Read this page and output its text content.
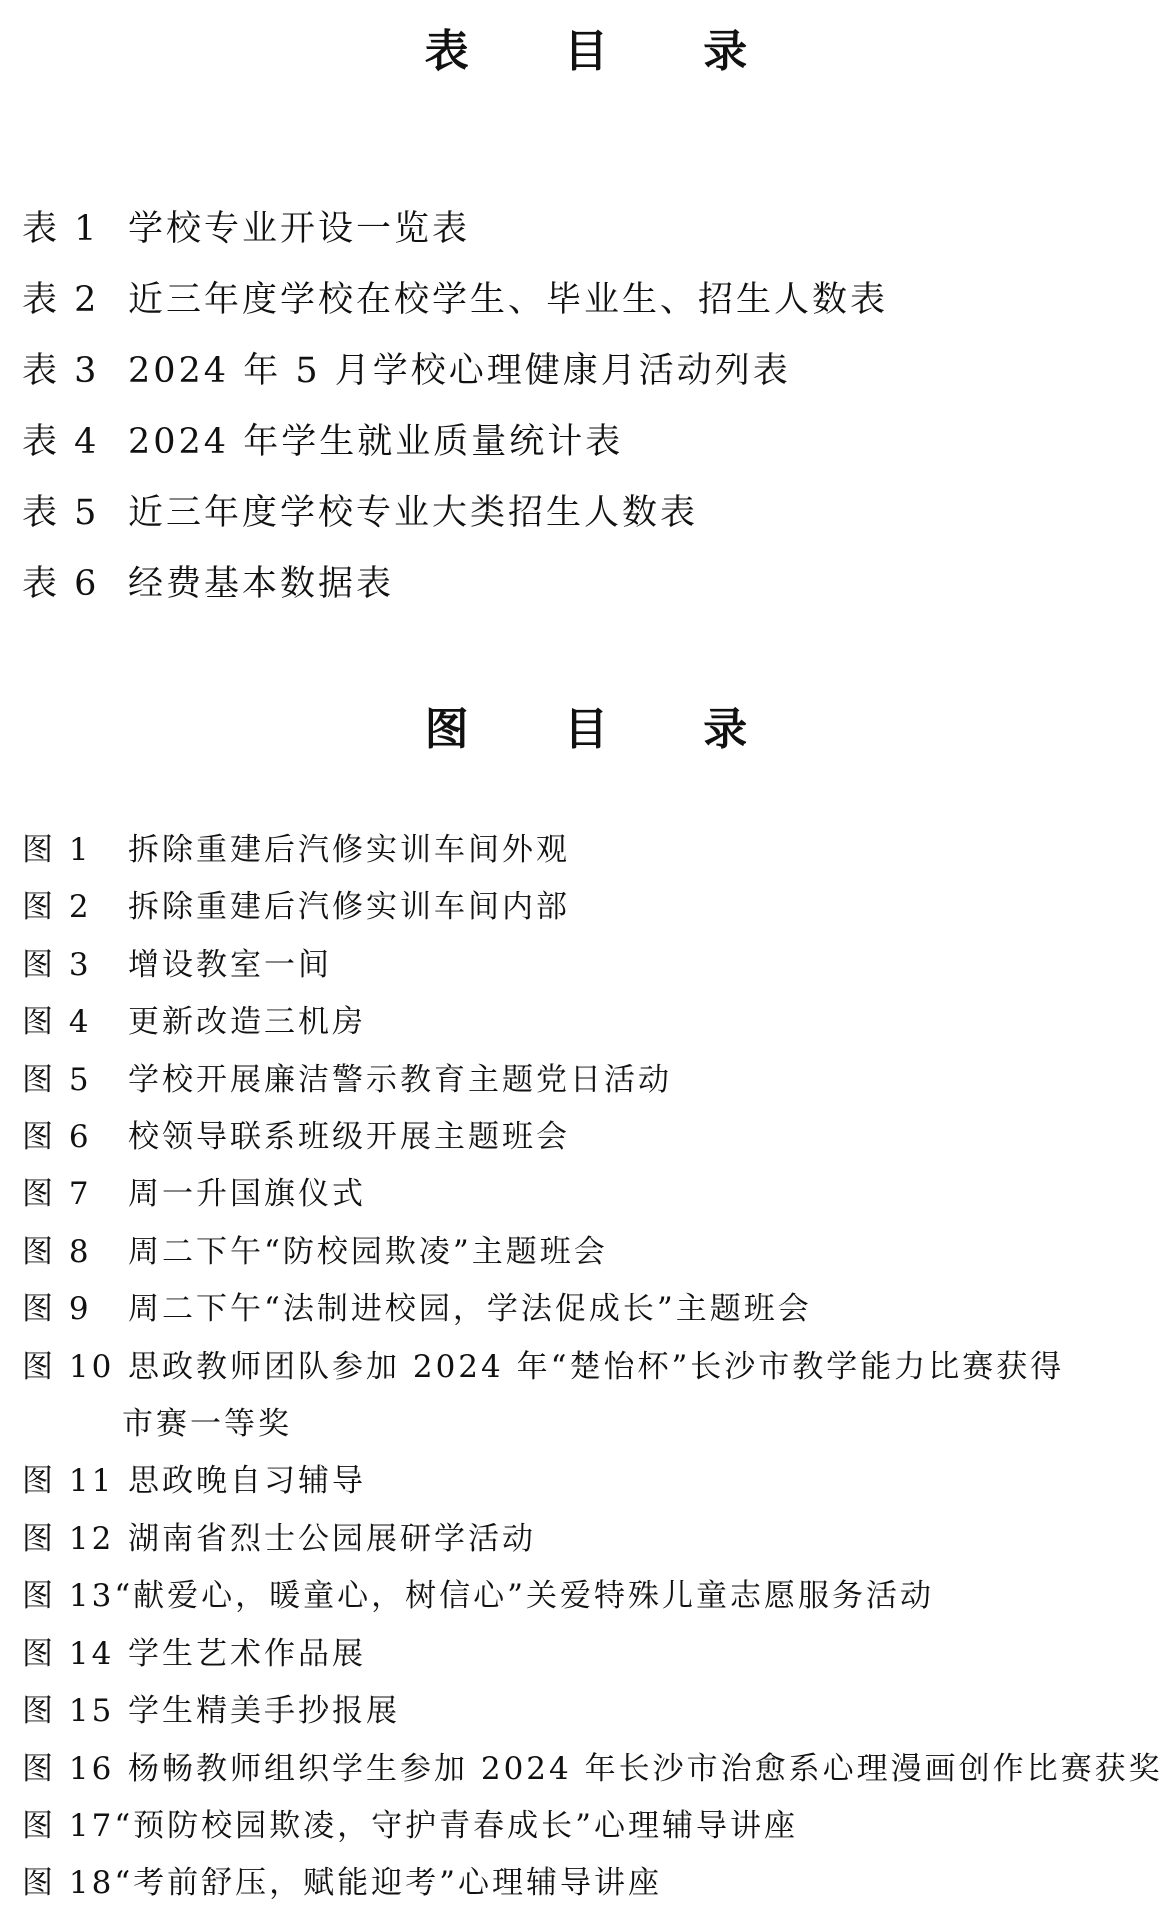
表 目 录
表 1 学校专业开设一览表
表 2 近三年度学校在校学生、毕业生、招生人数表
表 3 2024 年 5 月学校心理健康月活动列表
表 4 2024 年学生就业质量统计表
表 5 近三年度学校专业大类招生人数表
表 6 经费基本数据表
图 目 录
图 1 拆除重建后汽修实训车间外观
图 2 拆除重建后汽修实训车间内部
图 3 增设教室一间
图 4 更新改造三机房
图 5 学校开展廉洁警示教育主题党日活动
图 6 校领导联系班级开展主题班会
图 7 周一升国旗仪式
图 8 周二下午“防校园欺凌”主题班会
图 9 周二下午“法制进校园，学法促成长”主题班会
图 10 思政教师团队参加 2024 年“楚怡杯”长沙市教学能力比赛获得
市赛一等奖
图 11 思政晚自习辅导
图 12 湖南省烈士公园展研学活动
图 13“献爱心，暖童心，树信心”关爱特殊儿童志愿服务活动
图 14 学生艺术作品展
图 15 学生精美手抄报展
图 16 杨畅教师组织学生参加 2024 年长沙市治愈系心理漫画创作比赛获奖
图 17“预防校园欺凌，守护青春成长”心理辅导讲座
图 18“考前舒压，赋能迎考”心理辅导讲座
